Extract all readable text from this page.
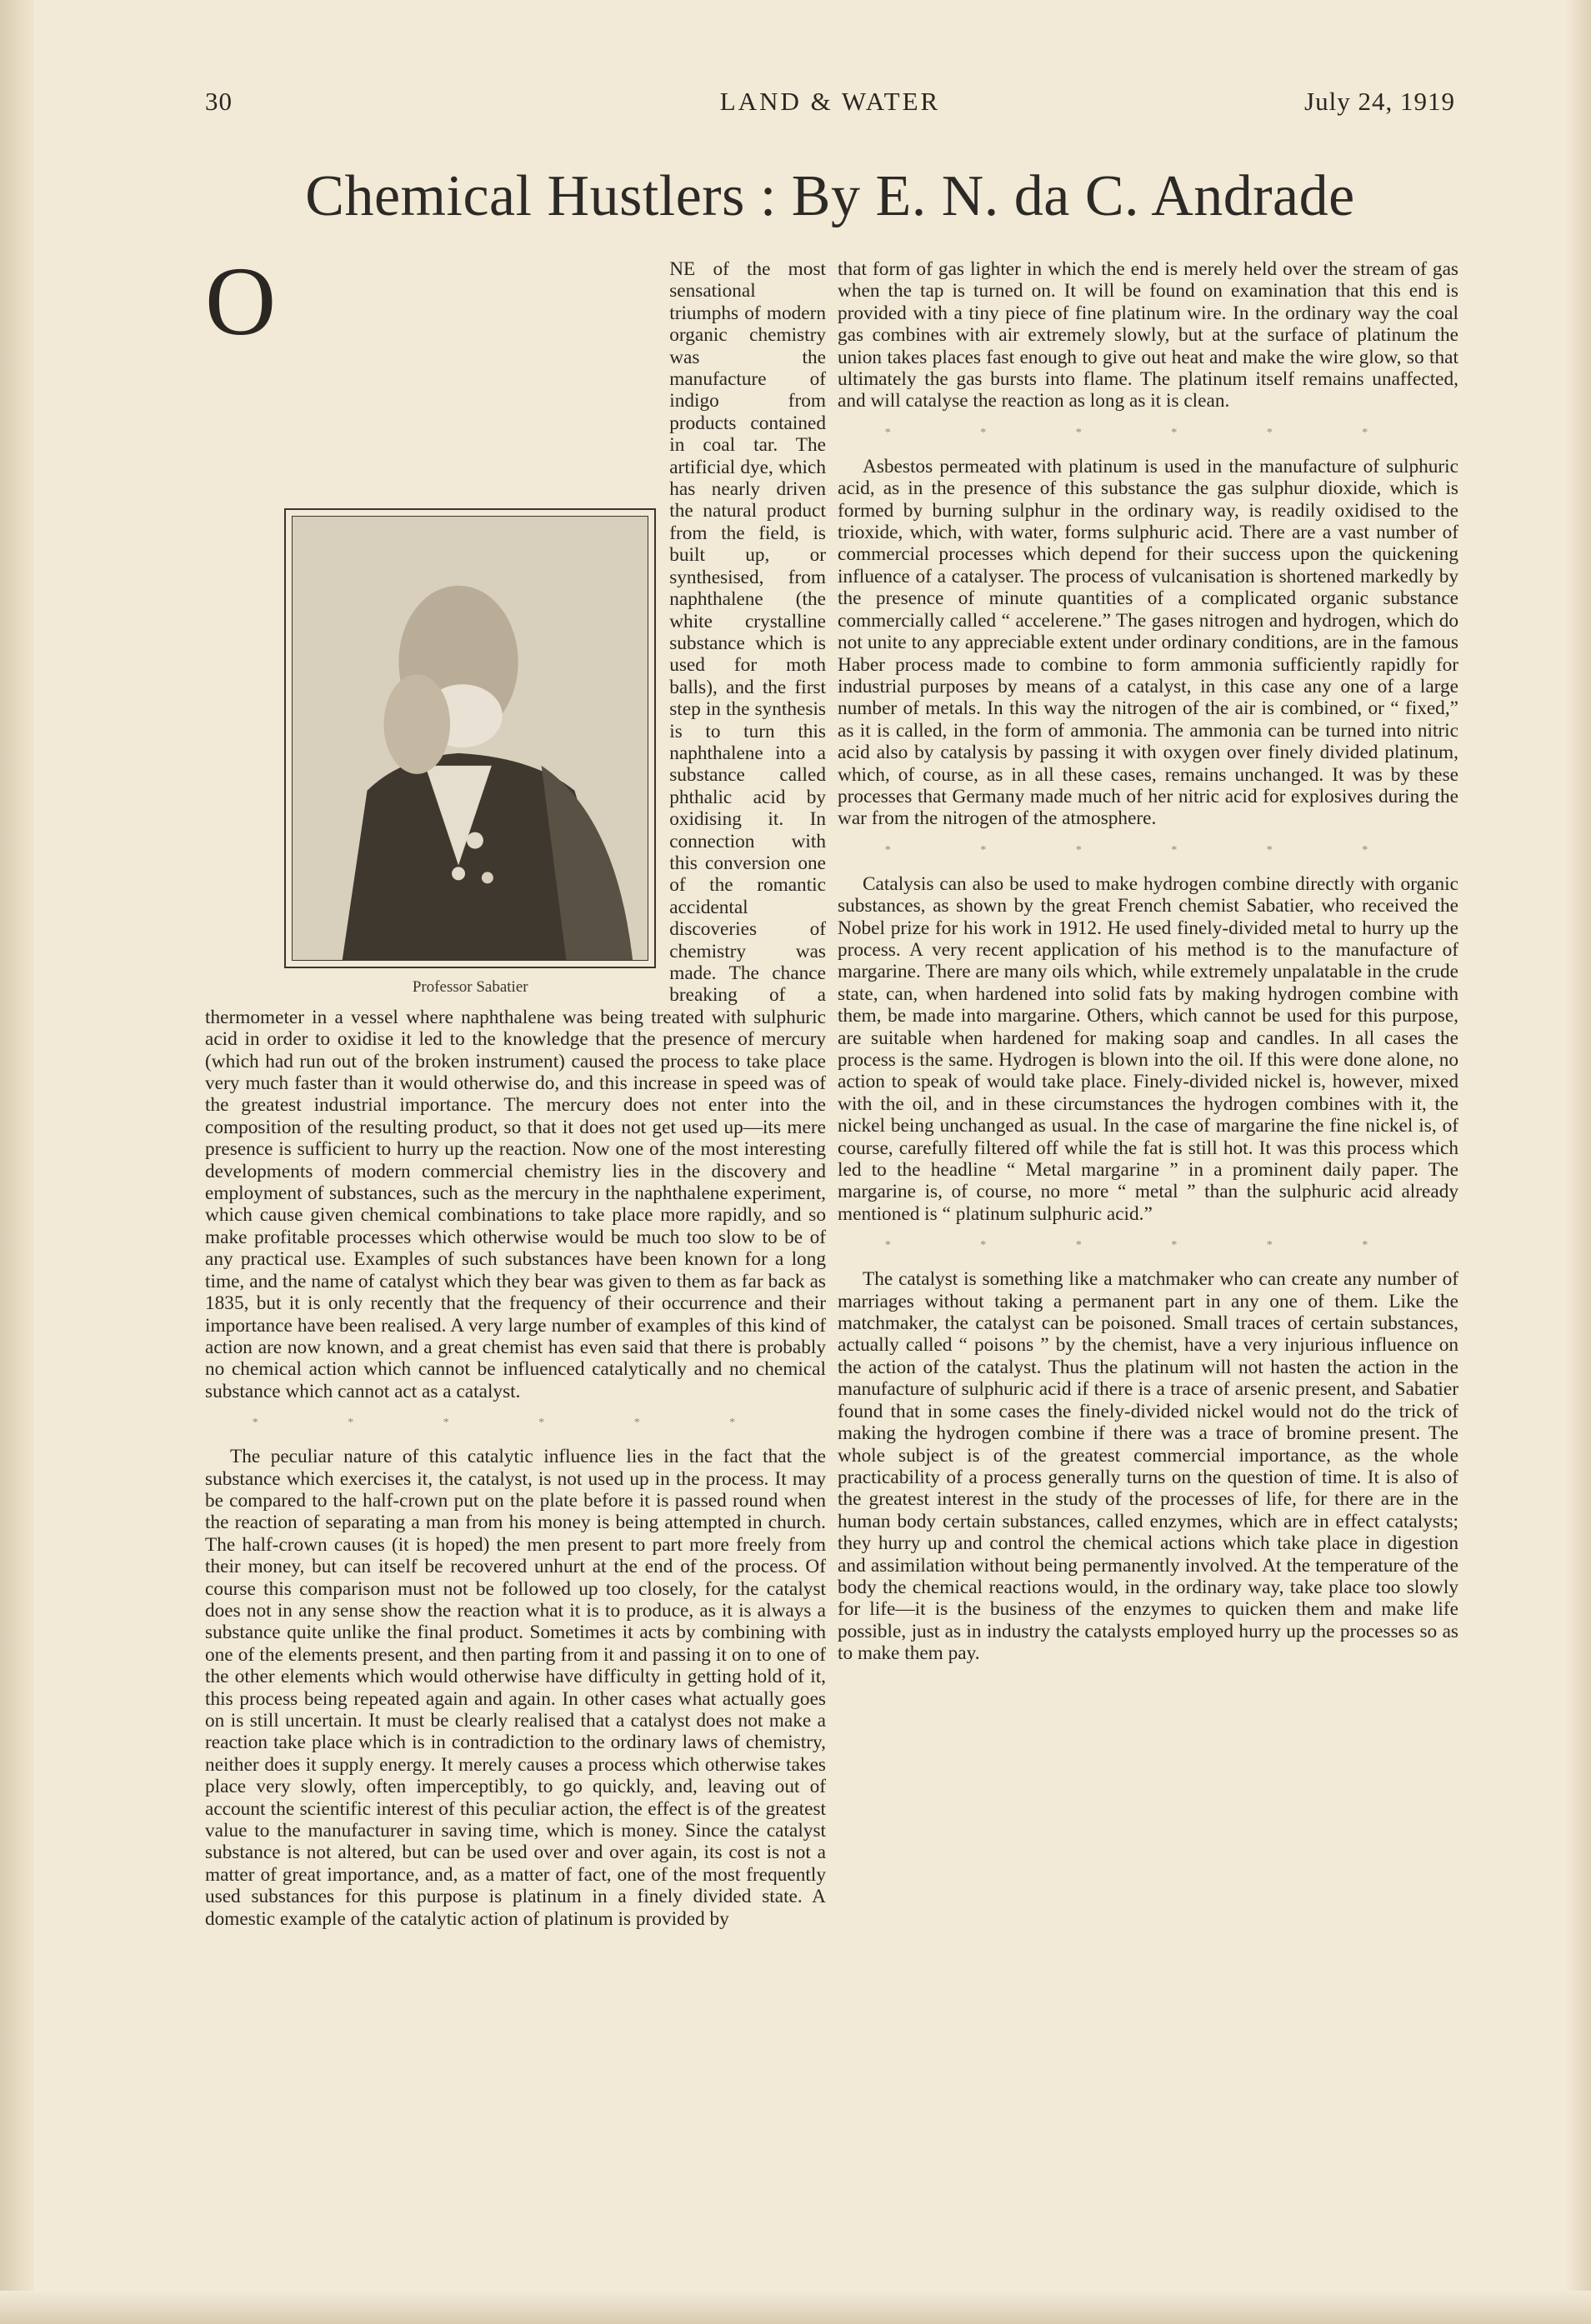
30	LAND & WATER	July 24, 1919
Chemical Hustlers : By E. N. da C. Andrade

O
Professor Sabatier
NE of the most sensational triumphs of modern organic chemistry was the manufacture of indigo from products contained in coal tar. The artificial dye, which has nearly driven the natural product from the field, is built up, or synthesised, from naphthalene (the white crystalline substance which is used for moth balls), and the first step in the synthesis is to turn this naphthalene into a substance called phthalic acid by oxidising it. In connection with this conversion one of the romantic accidental discoveries of chemistry was made. The chance breaking of a thermometer in a vessel where naphthalene was being treated with sulphuric acid in order to oxidise it led to the knowledge that the presence of mercury (which had run out of the broken instrument) caused the process to take place very much faster than it would otherwise do, and this increase in speed was of the greatest industrial importance. The mercury does not enter into the composition of the resulting product, so that it does not get used up—its mere presence is sufficient to hurry up the reaction. Now one of the most interesting developments of modern commercial chemistry lies in the discovery and employment of substances, such as the mercury in the naphthalene experiment, which cause given chemical combinations to take place more rapidly, and so make profitable processes which otherwise would be much too slow to be of any practical use. Examples of such substances have been known for a long time, and the name of catalyst which they bear was given to them as far back as 1835, but it is only recently that the frequency of their occurrence and their importance have been realised. A very large number of examples of this kind of action are now known, and a great chemist has even said that there is probably no chemical action which cannot be influenced catalytically and no chemical substance which cannot act as a catalyst.

* * * * * *

The peculiar nature of this catalytic influence lies in the fact that the substance which exercises it, the catalyst, is not used up in the process. It may be compared to the half-crown put on the plate before it is passed round when the reaction of separating a man from his money is being attempted in church. The half-crown causes (it is hoped) the men present to part more freely from their money, but can itself be recovered unhurt at the end of the process. Of course this comparison must not be followed up too closely, for the catalyst does not in any sense show the reaction what it is to produce, as it is always a substance quite unlike the final product. Sometimes it acts by combining with one of the elements present, and then parting from it and passing it on to one of the other elements which would otherwise have difficulty in getting hold of it, this process being repeated again and again. In other cases what actually goes on is still uncertain. It must be clearly realised that a catalyst does not make a reaction take place which is in contradiction to the ordinary laws of chemistry, neither does it supply energy. It merely causes a process which otherwise takes place very slowly, often imperceptibly, to go quickly, and, leaving out of account the scientific interest of this peculiar action, the effect is of the greatest value to the manufacturer in saving time, which is money. Since the catalyst substance is not altered, but can be used over and over again, its cost is not a matter of great importance, and, as a matter of fact, one of the most frequently used substances for this purpose is platinum in a finely divided state. A domestic example of the catalytic action of platinum is provided by

that form of gas lighter in which the end is merely held over the stream of gas when the tap is turned on. It will be found on examination that this end is provided with a tiny piece of fine platinum wire. In the ordinary way the coal gas combines with air extremely slowly, but at the surface of platinum the union takes places fast enough to give out heat and make the wire glow, so that ultimately the gas bursts into flame. The platinum itself remains unaffected, and will catalyse the reaction as long as it is clean.

* * * * * *

Asbestos permeated with platinum is used in the manufacture of sulphuric acid, as in the presence of this substance the gas sulphur dioxide, which is formed by burning sulphur in the ordinary way, is readily oxidised to the trioxide, which, with water, forms sulphuric acid. There are a vast number of commercial processes which depend for their success upon the quickening influence of a catalyser. The process of vulcanisation is shortened markedly by the presence of minute quantities of a complicated organic substance commercially called “ accelerene.” The gases nitrogen and hydrogen, which do not unite to any appreciable extent under ordinary conditions, are in the famous Haber process made to combine to form ammonia sufficiently rapidly for industrial purposes by means of a catalyst, in this case any one of a large number of metals. In this way the nitrogen of the air is combined, or “ fixed,” as it is called, in the form of ammonia. The ammonia can be turned into nitric acid also by catalysis by passing it with oxygen over finely divided platinum, which, of course, as in all these cases, remains unchanged. It was by these processes that Germany made much of her nitric acid for explosives during the war from the nitrogen of the atmosphere.

* * * * * *

Catalysis can also be used to make hydrogen combine directly with organic substances, as shown by the great French chemist Sabatier, who received the Nobel prize for his work in 1912. He used finely-divided metal to hurry up the process. A very recent application of his method is to the manufacture of margarine. There are many oils which, while extremely unpalatable in the crude state, can, when hardened into solid fats by making hydrogen combine with them, be made into margarine. Others, which cannot be used for this purpose, are suitable when hardened for making soap and candles. In all cases the process is the same. Hydrogen is blown into the oil. If this were done alone, no action to speak of would take place. Finely-divided nickel is, however, mixed with the oil, and in these circumstances the hydrogen combines with it, the nickel being unchanged as usual. In the case of margarine the fine nickel is, of course, carefully filtered off while the fat is still hot. It was this process which led to the headline “ Metal margarine ” in a prominent daily paper. The margarine is, of course, no more “ metal ” than the sulphuric acid already mentioned is “ platinum sulphuric acid.”

* * * * * *

The catalyst is something like a matchmaker who can create any number of marriages without taking a permanent part in any one of them. Like the matchmaker, the catalyst can be poisoned. Small traces of certain substances, actually called “ poisons ” by the chemist, have a very injurious influence on the action of the catalyst. Thus the platinum will not hasten the action in the manufacture of sulphuric acid if there is a trace of arsenic present, and Sabatier found that in some cases the finely-divided nickel would not do the trick of making the hydrogen combine if there was a trace of bromine present. The whole subject is of the greatest commercial importance, as the whole practicability of a process generally turns on the question of time. It is also of the greatest interest in the study of the processes of life, for there are in the human body certain substances, called enzymes, which are in effect catalysts; they hurry up and control the chemical actions which take place in digestion and assimilation without being permanently involved. At the temperature of the body the chemical reactions would, in the ordinary way, take place too slowly for life—it is the business of the enzymes to quicken them and make life possible, just as in industry the catalysts employed hurry up the processes so as to make them pay.
